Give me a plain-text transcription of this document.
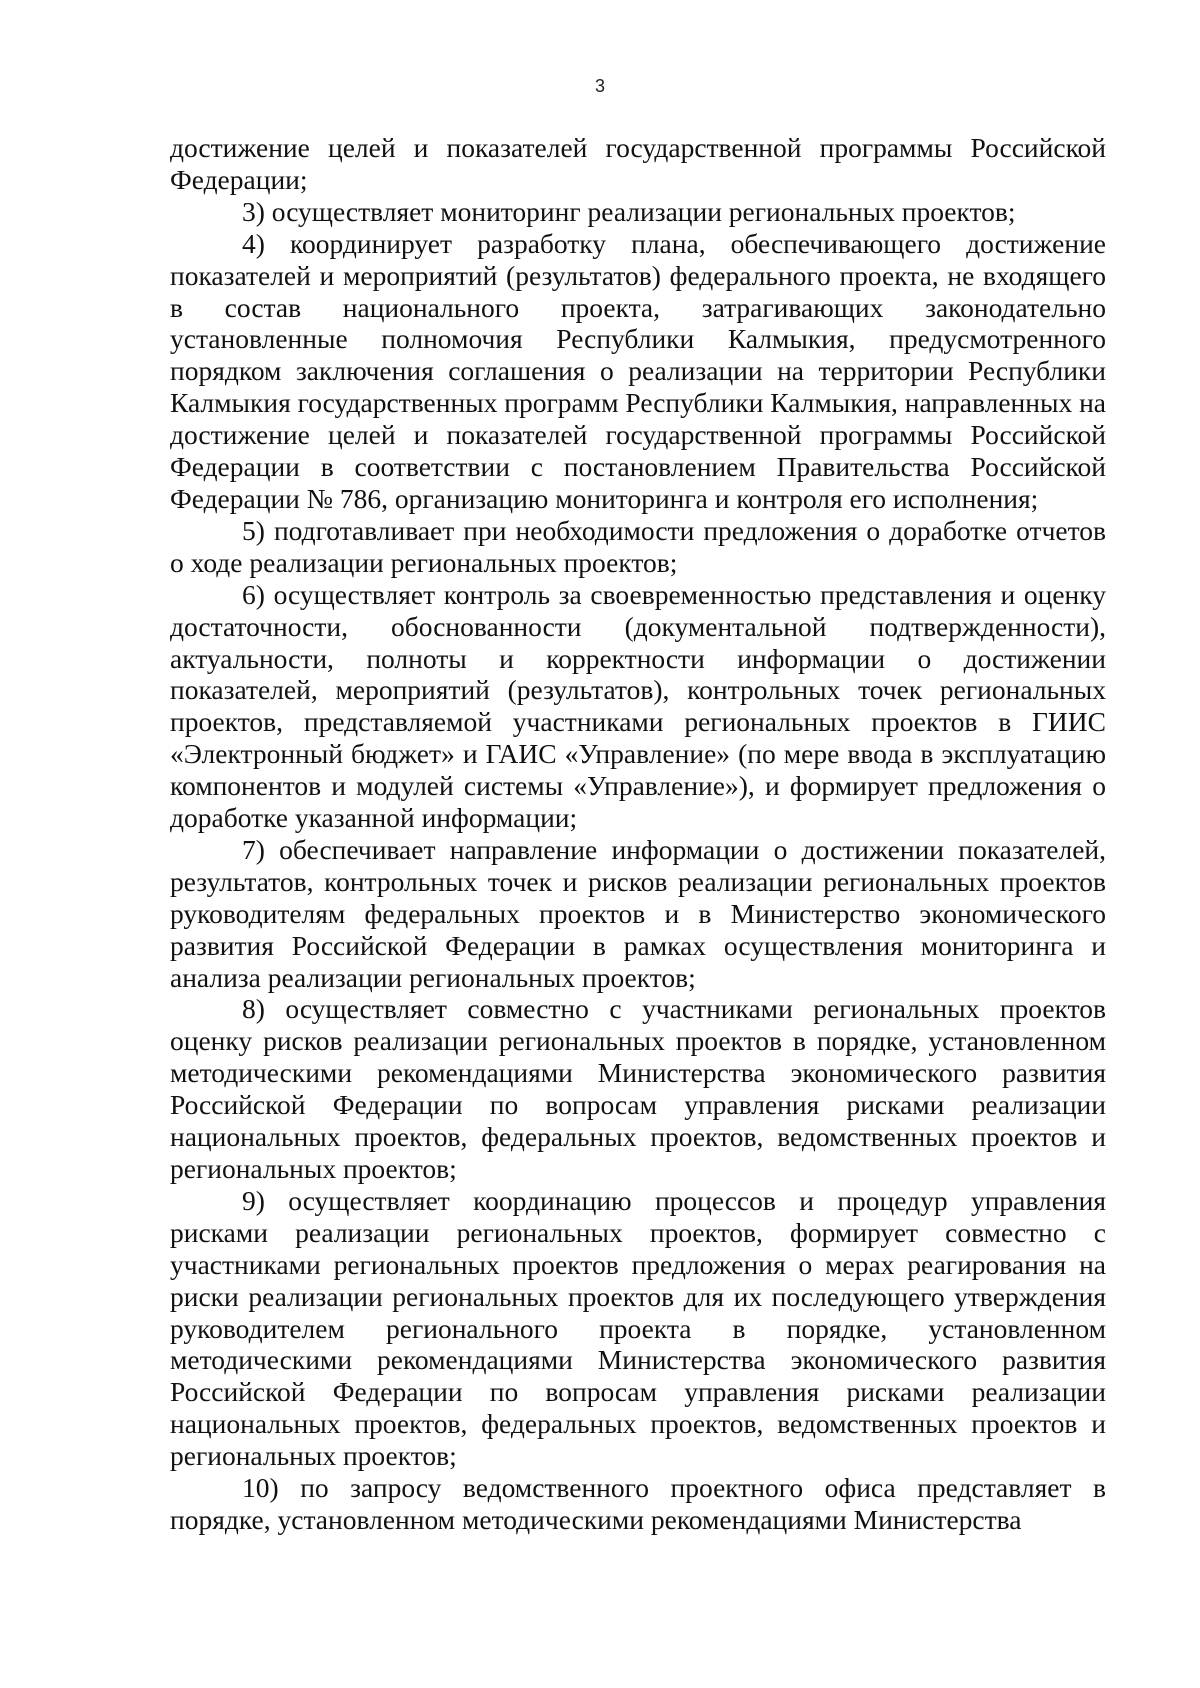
3

достижение целей и показателей государственной программы Российской Федерации;

3) осуществляет мониторинг реализации региональных проектов;

4) координирует разработку плана, обеспечивающего достижение показателей и мероприятий (результатов) федерального проекта, не входящего в состав национального проекта, затрагивающих законодательно установленные полномочия Республики Калмыкия, предусмотренного порядком заключения соглашения о реализации на территории Республики Калмыкия государственных программ Республики Калмыкия, направленных на достижение целей и показателей государственной программы Российской Федерации в соответствии с постановлением Правительства Российской Федерации № 786, организацию мониторинга и контроля его исполнения;

5) подготавливает при необходимости предложения о доработке отчетов о ходе реализации региональных проектов;

6) осуществляет контроль за своевременностью представления и оценку достаточности, обоснованности (документальной подтвержденности), актуальности, полноты и корректности информации о достижении показателей, мероприятий (результатов), контрольных точек региональных проектов, представляемой участниками региональных проектов в ГИИС «Электронный бюджет» и ГАИС «Управление» (по мере ввода в эксплуатацию компонентов и модулей системы «Управление»), и формирует предложения о доработке указанной информации;

7) обеспечивает направление информации о достижении показателей, результатов, контрольных точек и рисков реализации региональных проектов руководителям федеральных проектов и в Министерство экономического развития Российской Федерации в рамках осуществления мониторинга и анализа реализации региональных проектов;

8) осуществляет совместно с участниками региональных проектов оценку рисков реализации региональных проектов в порядке, установленном методическими рекомендациями Министерства экономического развития Российской Федерации по вопросам управления рисками реализации национальных проектов, федеральных проектов, ведомственных проектов и региональных проектов;

9) осуществляет координацию процессов и процедур управления рисками реализации региональных проектов, формирует совместно с участниками региональных проектов предложения о мерах реагирования на риски реализации региональных проектов для их последующего утверждения руководителем регионального проекта в порядке, установленном методическими рекомендациями Министерства экономического развития Российской Федерации по вопросам управления рисками реализации национальных проектов, федеральных проектов, ведомственных проектов и региональных проектов;

10) по запросу ведомственного проектного офиса представляет в порядке, установленном методическими рекомендациями Министерства
